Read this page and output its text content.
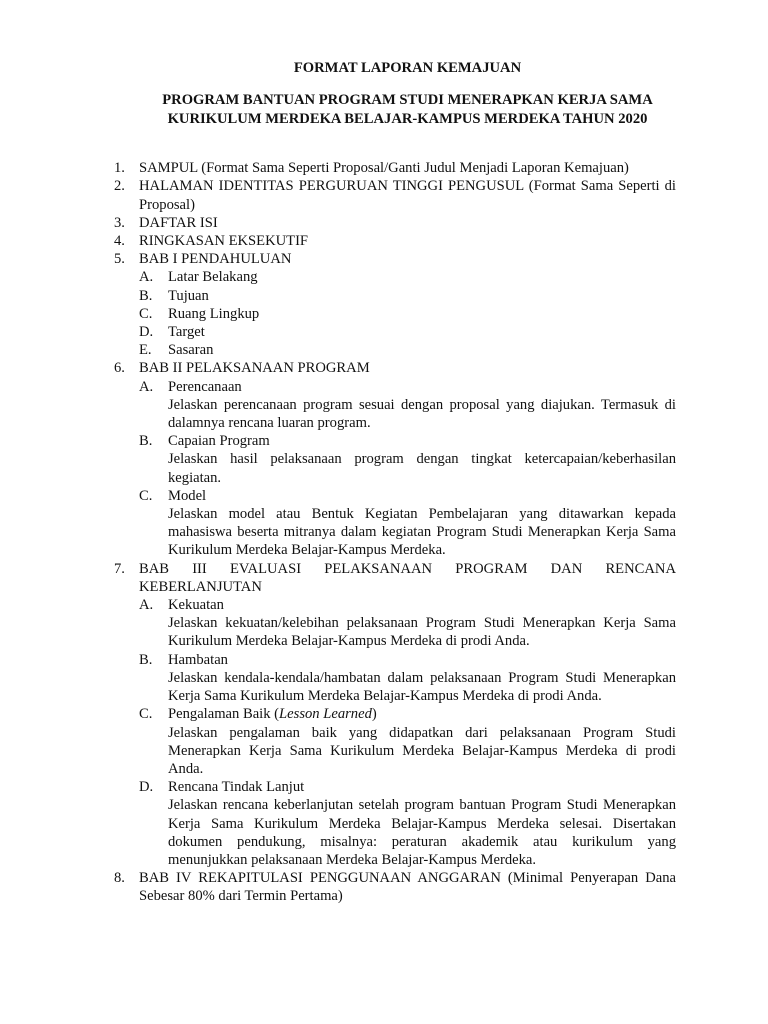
FORMAT LAPORAN KEMAJUAN
PROGRAM BANTUAN PROGRAM STUDI MENERAPKAN KERJA SAMA
KURIKULUM MERDEKA BELAJAR-KAMPUS MERDEKA TAHUN 2020
1. SAMPUL (Format Sama Seperti Proposal/Ganti Judul Menjadi Laporan Kemajuan)
2. HALAMAN IDENTITAS PERGURUAN TINGGI PENGUSUL (Format Sama Seperti di Proposal)
3. DAFTAR ISI
4. RINGKASAN EKSEKUTIF
5. BAB I PENDAHULUAN
A. Latar Belakang
B. Tujuan
C. Ruang Lingkup
D. Target
E. Sasaran
6. BAB II PELAKSANAAN PROGRAM
A. Perencanaan
Jelaskan perencanaan program sesuai dengan proposal yang diajukan. Termasuk di dalamnya rencana luaran program.
B. Capaian Program
Jelaskan hasil pelaksanaan program dengan tingkat ketercapaian/keberhasilan kegiatan.
C. Model
Jelaskan model atau Bentuk Kegiatan Pembelajaran yang ditawarkan kepada mahasiswa beserta mitranya dalam kegiatan Program Studi Menerapkan Kerja Sama Kurikulum Merdeka Belajar-Kampus Merdeka.
7. BAB III EVALUASI PELAKSANAAN PROGRAM DAN RENCANA KEBERLANJUTAN
A. Kekuatan
Jelaskan kekuatan/kelebihan pelaksanaan Program Studi Menerapkan Kerja Sama Kurikulum Merdeka Belajar-Kampus Merdeka di prodi Anda.
B. Hambatan
Jelaskan kendala-kendala/hambatan dalam pelaksanaan Program Studi Menerapkan Kerja Sama Kurikulum Merdeka Belajar-Kampus Merdeka di prodi Anda.
C. Pengalaman Baik (Lesson Learned)
Jelaskan pengalaman baik yang didapatkan dari pelaksanaan Program Studi Menerapkan Kerja Sama Kurikulum Merdeka Belajar-Kampus Merdeka di prodi Anda.
D. Rencana Tindak Lanjut
Jelaskan rencana keberlanjutan setelah program bantuan Program Studi Menerapkan Kerja Sama Kurikulum Merdeka Belajar-Kampus Merdeka selesai. Disertakan dokumen pendukung, misalnya: peraturan akademik atau kurikulum yang menunjukkan pelaksanaan Merdeka Belajar-Kampus Merdeka.
8. BAB IV REKAPITULASI PENGGUNAAN ANGGARAN (Minimal Penyerapan Dana Sebesar 80% dari Termin Pertama)
